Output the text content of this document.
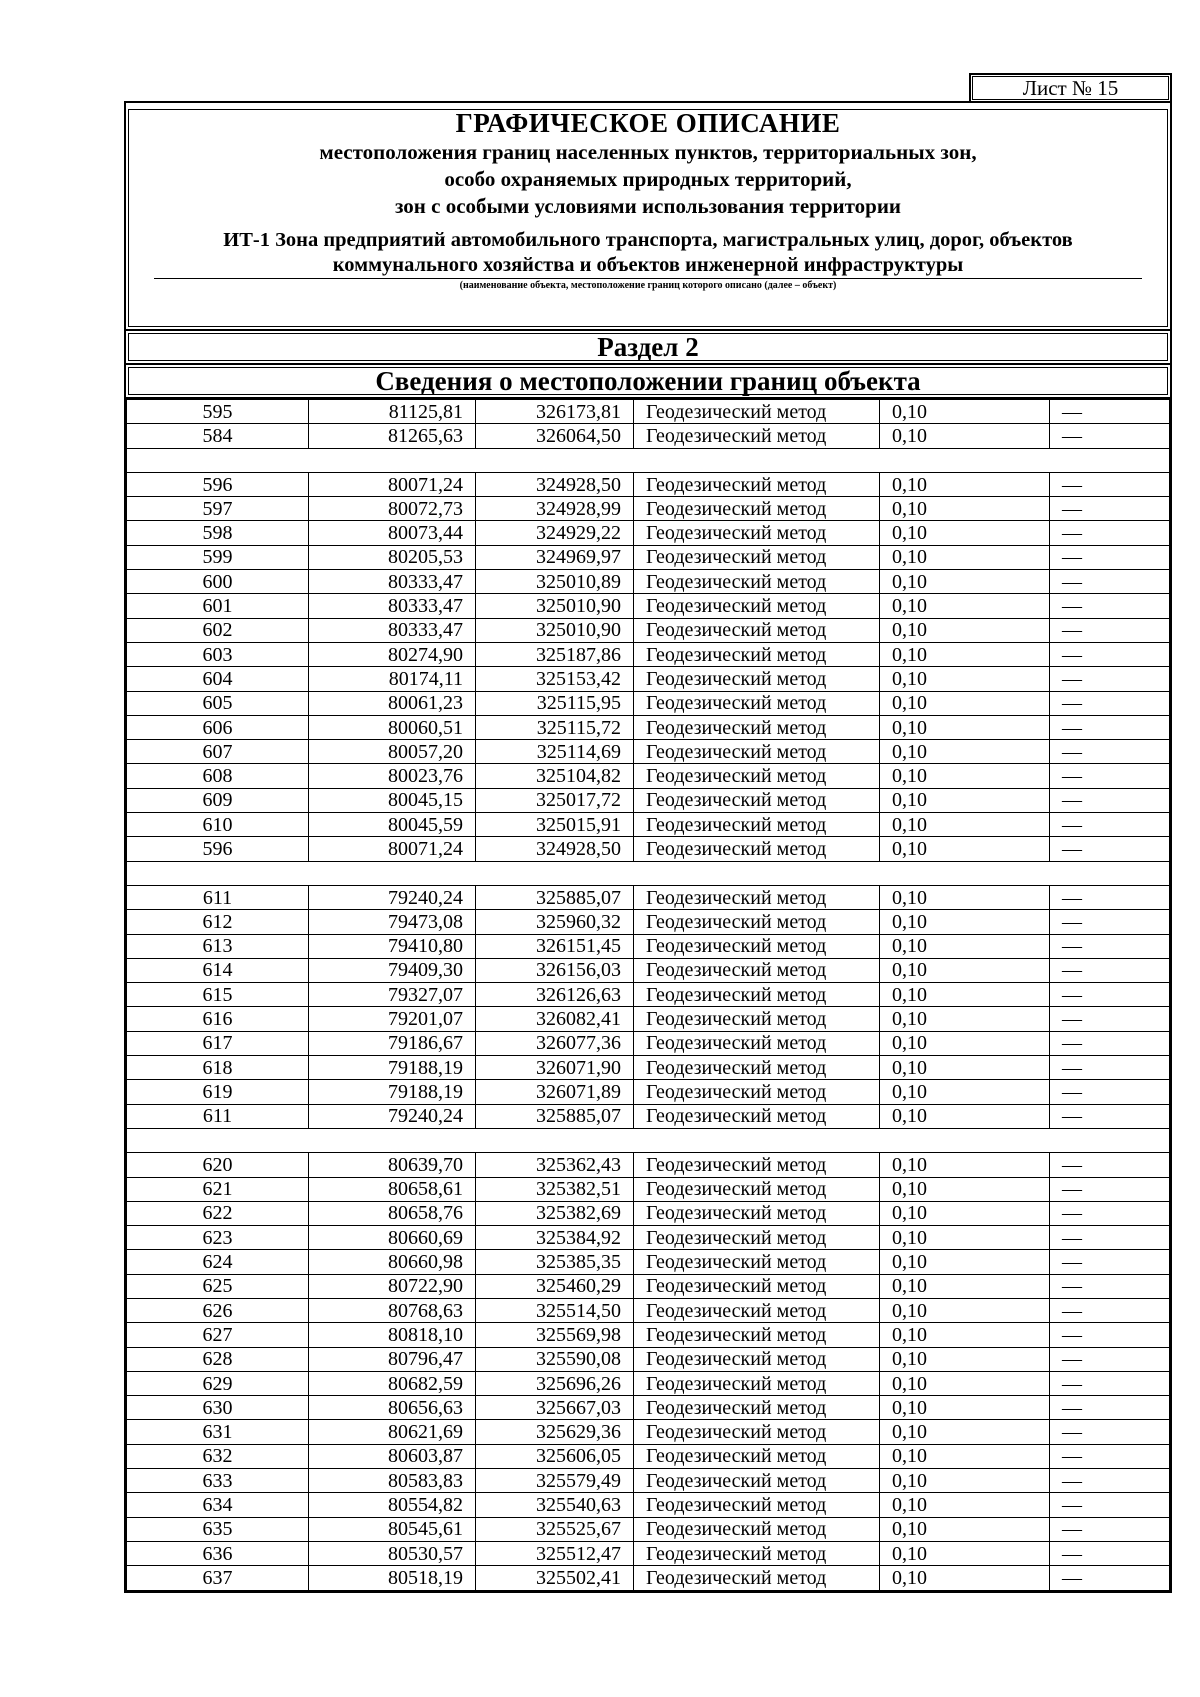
Лист № 15
ГРАФИЧЕСКОЕ ОПИСАНИЕ
местоположения границ населенных пунктов, территориальных зон,
особо охраняемых природных территорий,
зон с особыми условиями использования территории
ИТ-1 Зона предприятий автомобильного транспорта, магистральных улиц, дорог, объектов
коммунального хозяйства и объектов инженерной инфраструктуры
(наименование объекта, местоположение границ которого описано (далее – объект)
Раздел 2
Сведения о местоположении границ объекта
595	81125,81	326173,81	Геодезический метод	0,10	—
584	81265,63	326064,50	Геодезический метод	0,10	—

596	80071,24	324928,50	Геодезический метод	0,10	—
597	80072,73	324928,99	Геодезический метод	0,10	—
598	80073,44	324929,22	Геодезический метод	0,10	—
599	80205,53	324969,97	Геодезический метод	0,10	—
600	80333,47	325010,89	Геодезический метод	0,10	—
601	80333,47	325010,90	Геодезический метод	0,10	—
602	80333,47	325010,90	Геодезический метод	0,10	—
603	80274,90	325187,86	Геодезический метод	0,10	—
604	80174,11	325153,42	Геодезический метод	0,10	—
605	80061,23	325115,95	Геодезический метод	0,10	—
606	80060,51	325115,72	Геодезический метод	0,10	—
607	80057,20	325114,69	Геодезический метод	0,10	—
608	80023,76	325104,82	Геодезический метод	0,10	—
609	80045,15	325017,72	Геодезический метод	0,10	—
610	80045,59	325015,91	Геодезический метод	0,10	—
596	80071,24	324928,50	Геодезический метод	0,10	—

611	79240,24	325885,07	Геодезический метод	0,10	—
612	79473,08	325960,32	Геодезический метод	0,10	—
613	79410,80	326151,45	Геодезический метод	0,10	—
614	79409,30	326156,03	Геодезический метод	0,10	—
615	79327,07	326126,63	Геодезический метод	0,10	—
616	79201,07	326082,41	Геодезический метод	0,10	—
617	79186,67	326077,36	Геодезический метод	0,10	—
618	79188,19	326071,90	Геодезический метод	0,10	—
619	79188,19	326071,89	Геодезический метод	0,10	—
611	79240,24	325885,07	Геодезический метод	0,10	—

620	80639,70	325362,43	Геодезический метод	0,10	—
621	80658,61	325382,51	Геодезический метод	0,10	—
622	80658,76	325382,69	Геодезический метод	0,10	—
623	80660,69	325384,92	Геодезический метод	0,10	—
624	80660,98	325385,35	Геодезический метод	0,10	—
625	80722,90	325460,29	Геодезический метод	0,10	—
626	80768,63	325514,50	Геодезический метод	0,10	—
627	80818,10	325569,98	Геодезический метод	0,10	—
628	80796,47	325590,08	Геодезический метод	0,10	—
629	80682,59	325696,26	Геодезический метод	0,10	—
630	80656,63	325667,03	Геодезический метод	0,10	—
631	80621,69	325629,36	Геодезический метод	0,10	—
632	80603,87	325606,05	Геодезический метод	0,10	—
633	80583,83	325579,49	Геодезический метод	0,10	—
634	80554,82	325540,63	Геодезический метод	0,10	—
635	80545,61	325525,67	Геодезический метод	0,10	—
636	80530,57	325512,47	Геодезический метод	0,10	—
637	80518,19	325502,41	Геодезический метод	0,10	—
